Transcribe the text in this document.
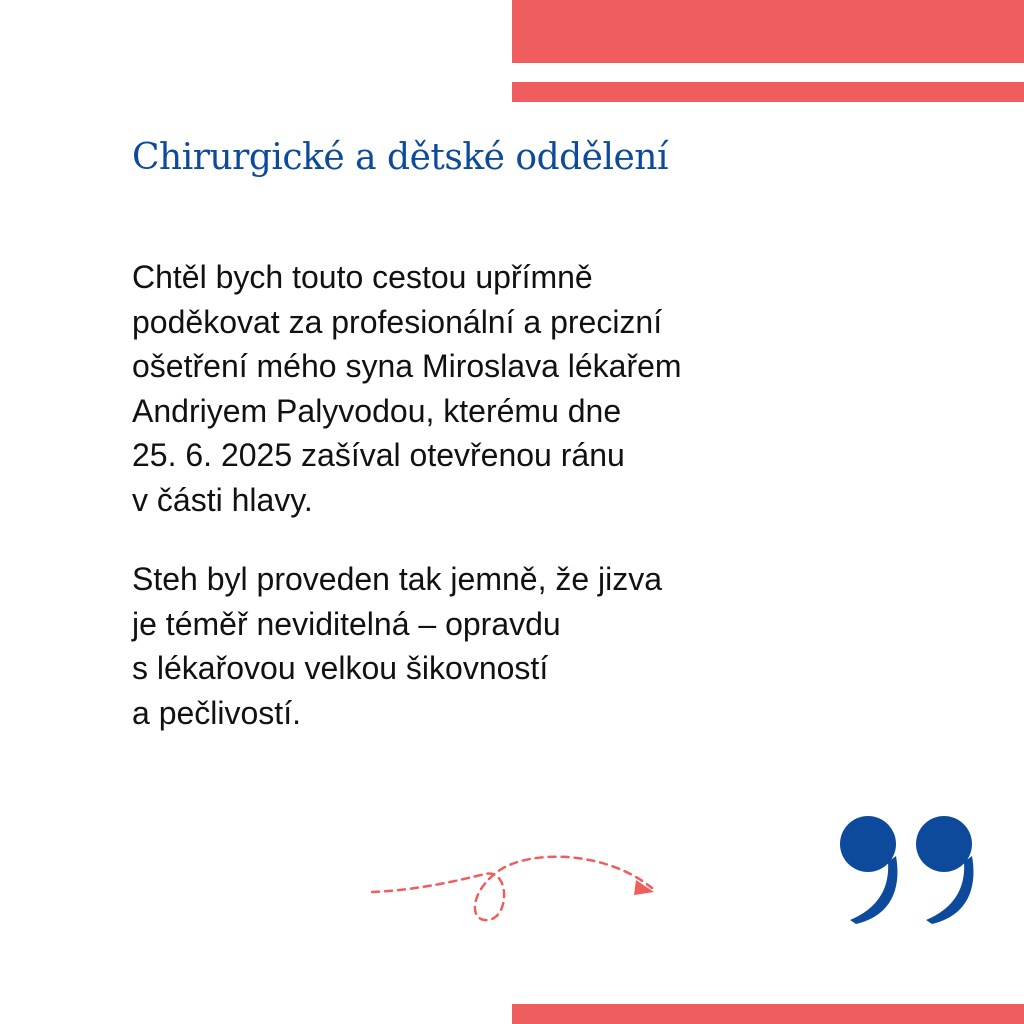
Chirurgické a dětské oddělení
Chtěl bych touto cestou upřímně
poděkovat za profesionální a precizní
ošetření mého syna Miroslava lékařem
Andriyem Palyvodou, kterému dne
25. 6. 2025 zašíval otevřenou ránu
v části hlavy.
Steh byl proveden tak jemně, že jizva
je téměř neviditelná – opravdu
s lékařovou velkou šikovností
a pečlivostí.
